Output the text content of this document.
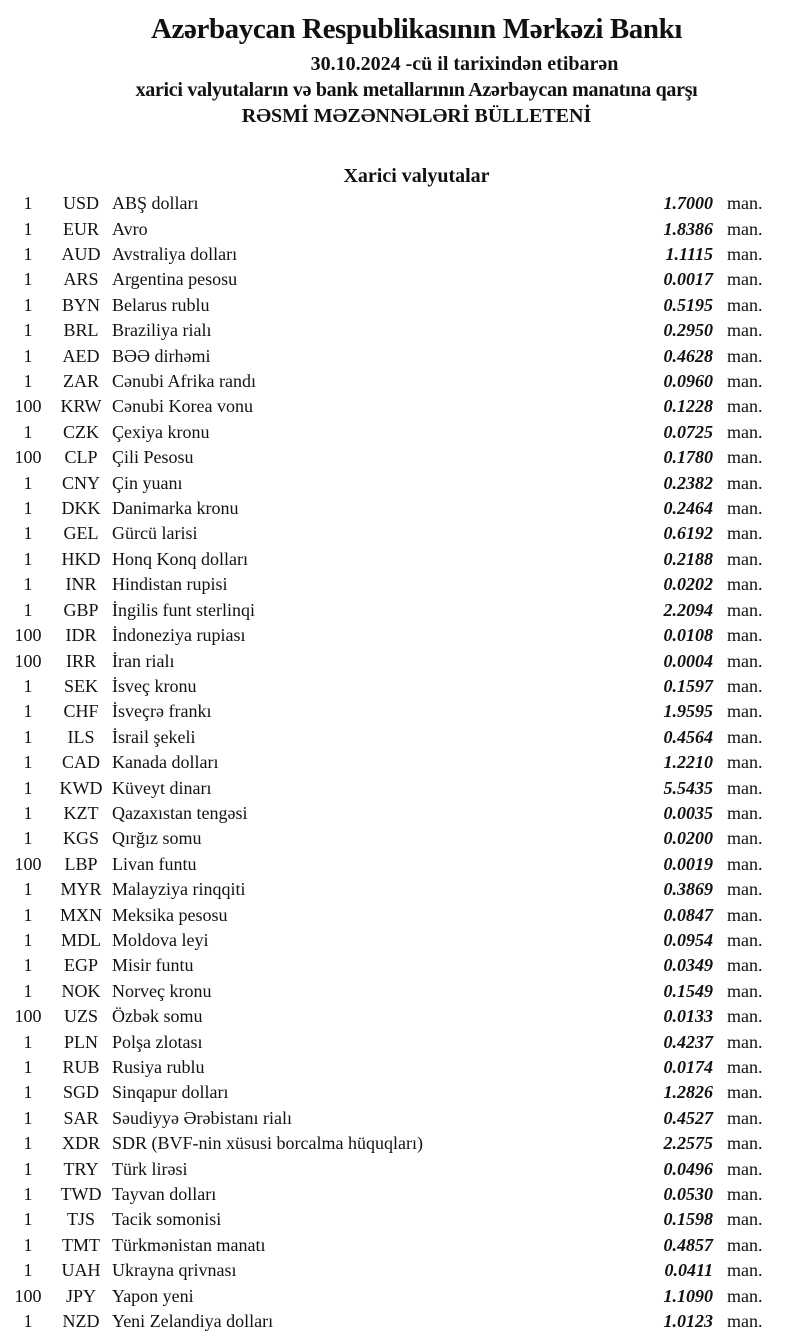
Azərbaycan Respublikasının Mərkəzi Bankı
30.10.2024 -cü il tarixindən etibarən
xarici valyutaların və bank metallarının Azərbaycan manatına qarşı
RƏSMİ MƏZƏNNƏLƏRİ BÜLLETENİ
Xarici valyutalar
1	USD ABŞ dolları	1.7000 man.
1	EUR Avro	1.8386 man.
1	AUD Avstraliya dolları	1.1115 man.
1	ARS Argentina pesosu	0.0017 man.
1	BYN Belarus rublu	0.5195 man.
1	BRL Braziliya rialı	0.2950 man.
1	AED BƏƏ dirhəmi	0.4628 man.
1	ZAR Cənubi Afrika randı	0.0960 man.
100	KRW Cənubi Korea vonu	0.1228 man.
1	CZK Çexiya kronu	0.0725 man.
100	CLP Çili Pesosu	0.1780 man.
1	CNY Çin yuanı	0.2382 man.
1	DKK Danimarka kronu	0.2464 man.
1	GEL Gürcü larisi	0.6192 man.
1	HKD Honq Konq dolları	0.2188 man.
1	INR Hindistan rupisi	0.0202 man.
1	GBP İngilis funt sterlinqi	2.2094 man.
100	IDR İndoneziya rupiası	0.0108 man.
100	IRR İran rialı	0.0004 man.
1	SEK İsveç kronu	0.1597 man.
1	CHF İsveçrə frankı	1.9595 man.
1	ILS İsrail şekeli	0.4564 man.
1	CAD Kanada dolları	1.2210 man.
1	KWD Küveyt dinarı	5.5435 man.
1	KZT Qazaxıstan tengəsi	0.0035 man.
1	KGS Qırğız somu	0.0200 man.
100	LBP Livan funtu	0.0019 man.
1	MYR Malayziya rinqqiti	0.3869 man.
1	MXN Meksika pesosu	0.0847 man.
1	MDL Moldova leyi	0.0954 man.
1	EGP Misir funtu	0.0349 man.
1	NOK Norveç kronu	0.1549 man.
100	UZS Özbək somu	0.0133 man.
1	PLN Polşa zlotası	0.4237 man.
1	RUB Rusiya rublu	0.0174 man.
1	SGD Sinqapur dolları	1.2826 man.
1	SAR Səudiyyə Ərəbistanı rialı	0.4527 man.
1	XDR SDR (BVF-nin xüsusi borcalma hüquqları)	2.2575 man.
1	TRY Türk lirəsi	0.0496 man.
1	TWD Tayvan dolları	0.0530 man.
1	TJS Tacik somonisi	0.1598 man.
1	TMT Türkmənistan manatı	0.4857 man.
1	UAH Ukrayna qrivnası	0.0411 man.
100	JPY Yapon yeni	1.1090 man.
1	NZD Yeni Zelandiya dolları	1.0123 man.
